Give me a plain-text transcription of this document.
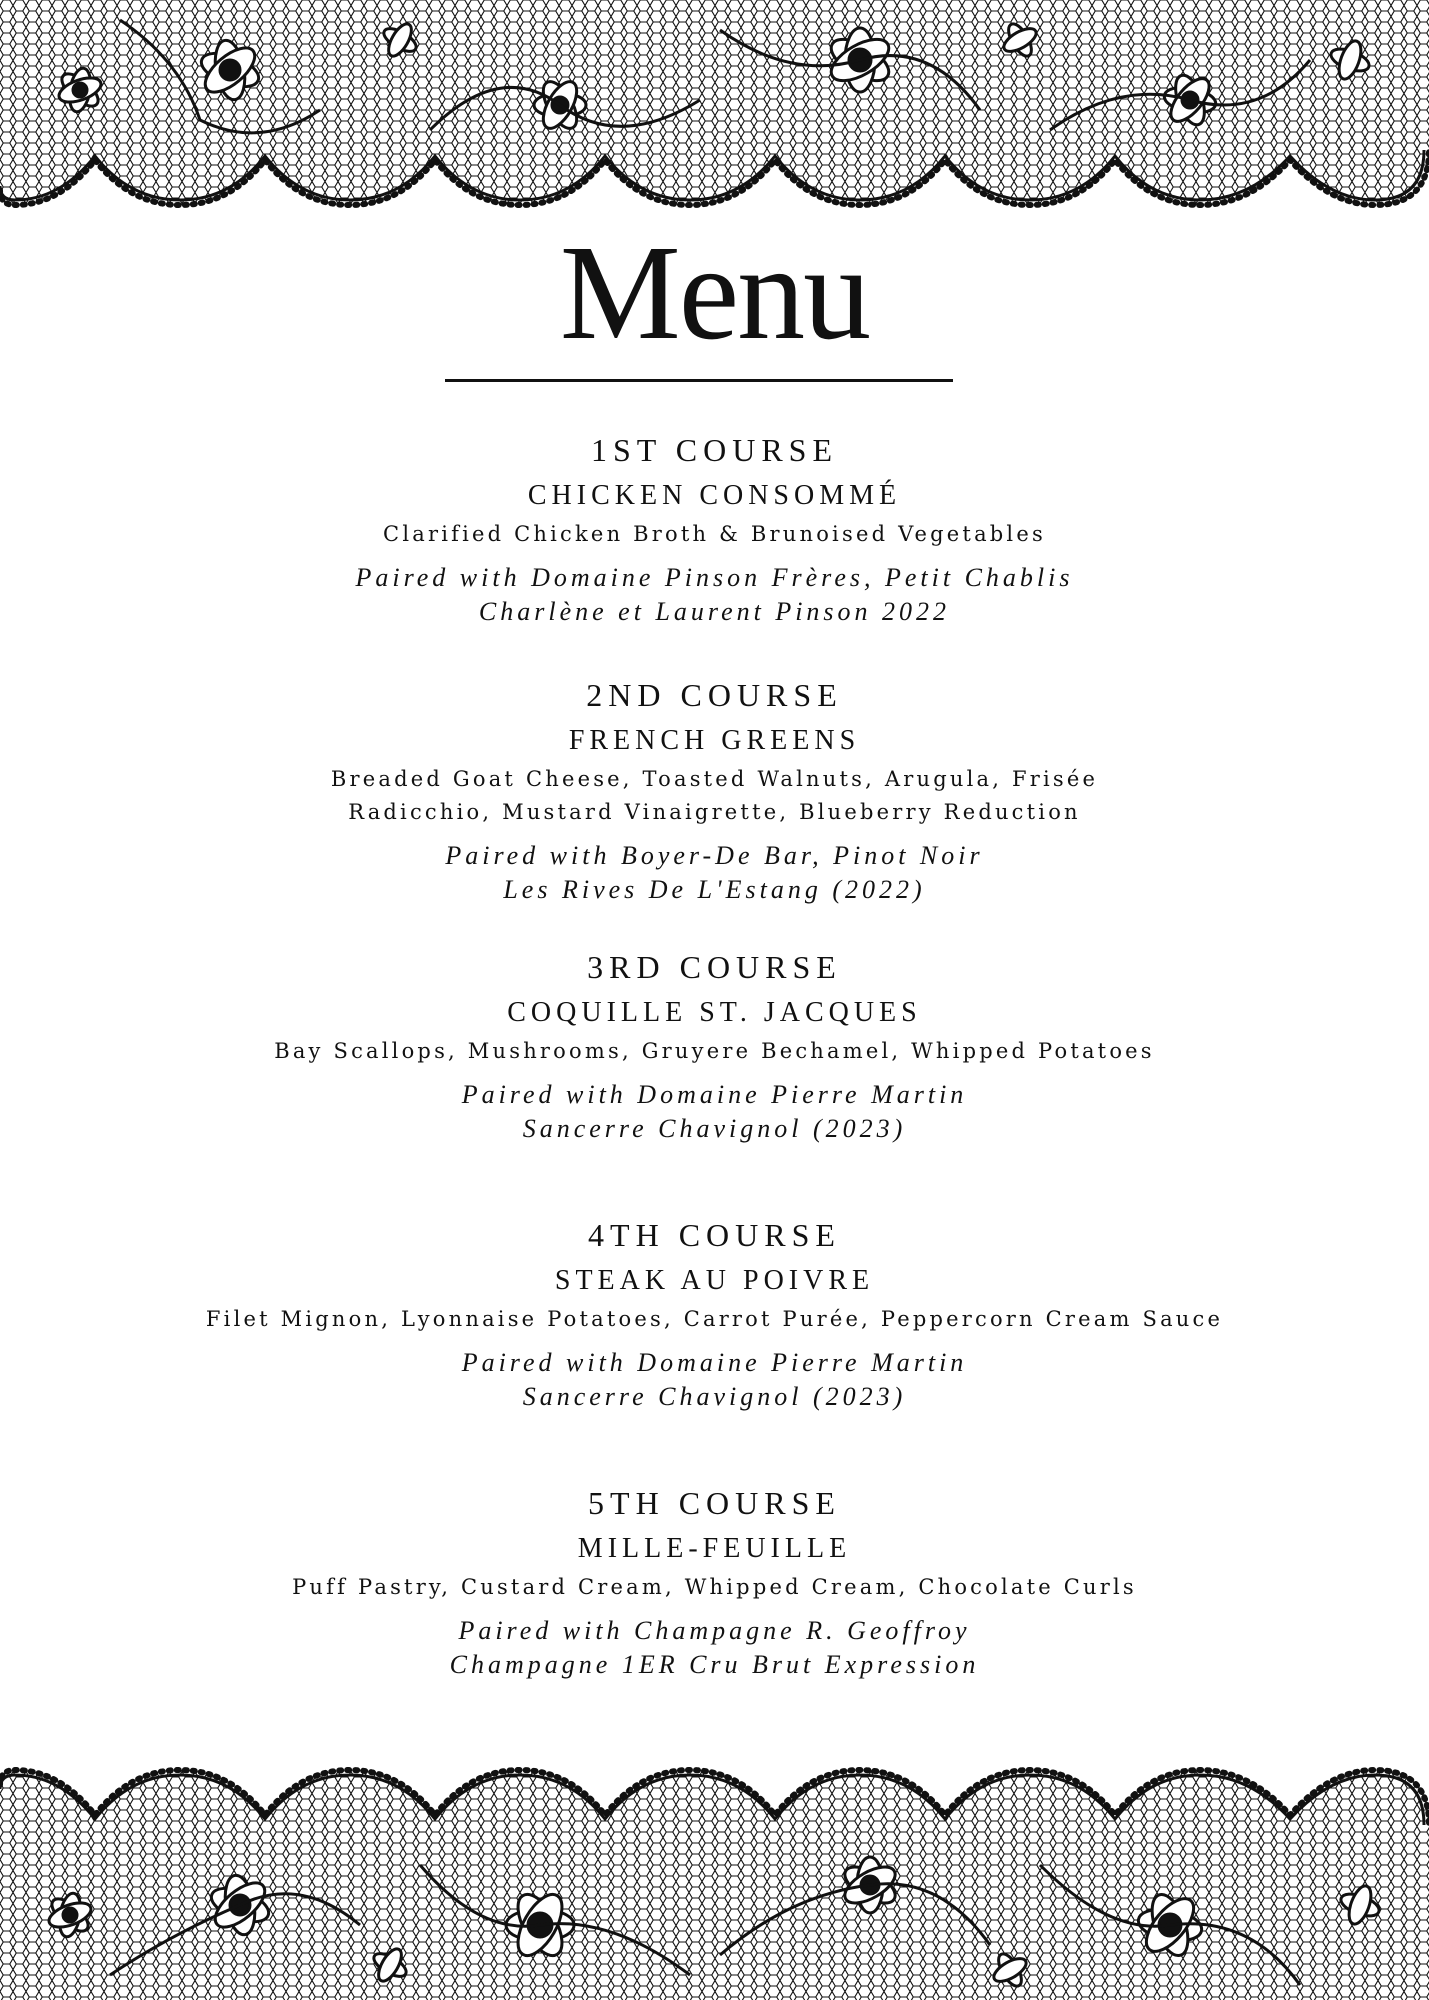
Menu
1ST COURSE
CHICKEN CONSOMMÉ
Clarified Chicken Broth & Brunoised Vegetables
Paired with Domaine Pinson Frères, Petit Chablis
Charlène et Laurent Pinson 2022
2ND COURSE
FRENCH GREENS
Breaded Goat Cheese, Toasted Walnuts, Arugula, Frisée
Radicchio, Mustard Vinaigrette, Blueberry Reduction
Paired with Boyer-De Bar, Pinot Noir
Les Rives De L'Estang (2022)
3RD COURSE
COQUILLE ST. JACQUES
Bay Scallops, Mushrooms, Gruyere Bechamel, Whipped Potatoes
Paired with Domaine Pierre Martin
Sancerre Chavignol (2023)
4TH COURSE
STEAK AU POIVRE
Filet Mignon, Lyonnaise Potatoes, Carrot Purée, Peppercorn Cream Sauce
Paired with Domaine Pierre Martin
Sancerre Chavignol (2023)
5TH COURSE
MILLE-FEUILLE
Puff Pastry, Custard Cream, Whipped Cream, Chocolate Curls
Paired with Champagne R. Geoffroy
Champagne 1ER Cru Brut Expression
